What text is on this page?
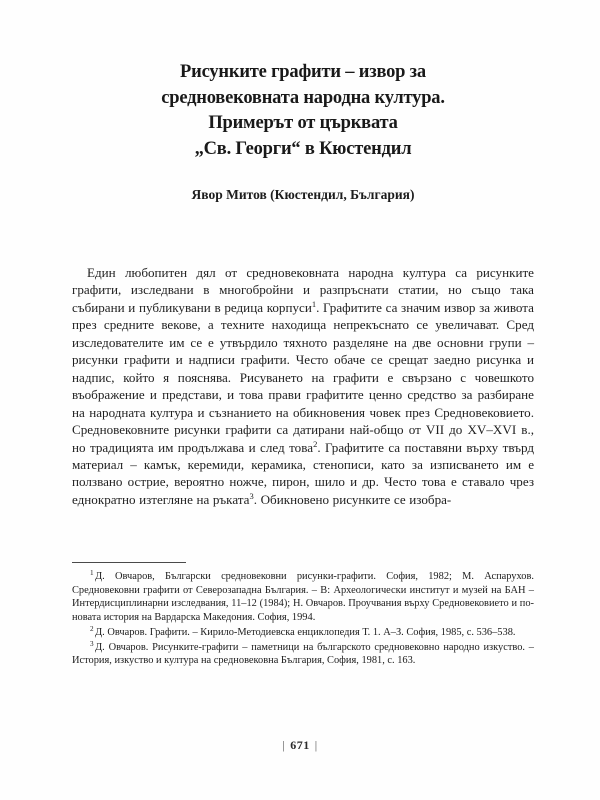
Рисунките графити – извор за
средновековната народна култура.
Примерът от църквата
„Св. Георги“ в Кюстендил
Явор Митов (Кюстендил, България)

Един любопитен дял от средновековната народна култура са рисунките графити, изследвани в многобройни и разпръснати статии, но също така събирани и публикувани в редица корпуси$^1$. Графитите са значим извор за живота през средните векове, а техните находища непрекъснато се увеличават. Сред изследователите им се е утвърдило тяхното разделяне на две основни групи – рисунки графити и надписи графити. Често обаче се срещат заедно рисунка и надпис, който я пояснява. Рисуването на графити е свързано с човешкото въображение и представи, и това прави графитите ценно средство за разбиране на народната култура и съзнанието на обикновения човек през Средновековието. Средновековните рисунки графити са датирани най-общо от VII до XV–XVI в., но традицията им продължава и след това$^2$. Графитите са поставяни върху твърд материал – камък, керемиди, керамика, стенописи, като за изписването им е ползвано острие, вероятно ножче, пирон, шило и др. Често това е ставало чрез еднократно изтегляне на ръката$^3$. Обикновено рисунките се изобра-

$^1$ Д. Овчаров, Български средновековни рисунки-графити. София, 1982; М. Аспарухов. Средновековни графити от Северозападна България. – В: Археологически институт и музей на БАН – Интердисциплинарни изследвания, 11–12 (1984); Н. Овчаров. Проучвания върху Средновековието и по-новата история на Вардарска Македония. София, 1994.

$^2$ Д. Овчаров. Графити. – Кирило-Методиевска енциклопедия Т. 1. А–З. София, 1985, с. 536–538.

$^3$ Д. Овчаров. Рисунките-графити – паметници на българското средновековно народно изкуство. – История, изкуство и култура на средновековна България, София, 1981, с. 163.

| 671 |
